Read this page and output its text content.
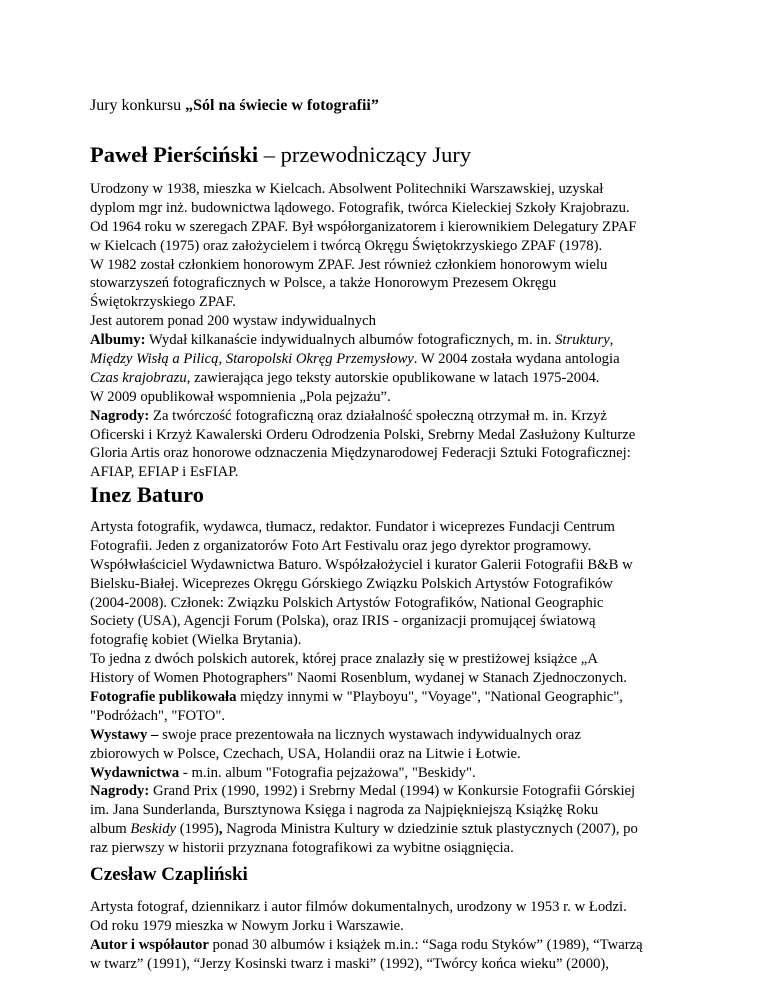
Jury konkursu „Sól na świecie w fotografii”
Paweł Pierściński – przewodniczący Jury
Urodzony w 1938, mieszka w Kielcach. Absolwent Politechniki Warszawskiej, uzyskał
dyplom mgr inż. budownictwa lądowego. Fotografik, twórca Kieleckiej Szkoły Krajobrazu.
Od 1964 roku w szeregach ZPAF. Był współorganizatorem i kierownikiem Delegatury ZPAF
w Kielcach (1975) oraz założycielem i twórcą Okręgu Świętokrzyskiego ZPAF (1978).
W 1982 został członkiem honorowym ZPAF. Jest również członkiem honorowym wielu
stowarzyszeń fotograficznych w Polsce, a także Honorowym Prezesem Okręgu
Świętokrzyskiego ZPAF.
Jest autorem ponad 200 wystaw indywidualnych
Albumy: Wydał kilkanaście indywidualnych albumów fotograficznych, m. in. Struktury,
Między Wisłą a Pilicą, Staropolski Okręg Przemysłowy. W 2004 została wydana antologia
Czas krajobrazu, zawierająca jego teksty autorskie opublikowane w latach 1975-2004.
W 2009 opublikował wspomnienia „Pola pejzażu”.
Nagrody: Za twórczość fotograficzną oraz działalność społeczną otrzymał m. in. Krzyż
Oficerski i Krzyż Kawalerski Orderu Odrodzenia Polski, Srebrny Medal Zasłużony Kulturze
Gloria Artis oraz honorowe odznaczenia Międzynarodowej Federacji Sztuki Fotograficznej:
AFIAP, EFIAP i EsFIAP.
Inez Baturo
Artysta fotografik, wydawca, tłumacz, redaktor. Fundator i wiceprezes Fundacji Centrum
Fotografii. Jeden z organizatorów Foto Art Festivalu oraz jego dyrektor programowy.
Współwłaściciel Wydawnictwa Baturo. Współzałożyciel i kurator Galerii Fotografii B&B w
Bielsku-Białej. Wiceprezes Okręgu Górskiego Związku Polskich Artystów Fotografików
(2004-2008). Członek: Związku Polskich Artystów Fotografików, National Geographic
Society (USA), Agencji Forum (Polska), oraz IRIS - organizacji promującej światową
fotografię kobiet (Wielka Brytania).
To jedna z dwóch polskich autorek, której prace znalazły się w prestiżowej książce „A
History of Women Photographers" Naomi Rosenblum, wydanej w Stanach Zjednoczonych.
Fotografie publikowała między innymi w "Playboyu", "Voyage", "National Geographic",
"Podróżach", "FOTO".
Wystawy – swoje prace prezentowała na licznych wystawach indywidualnych oraz
zbiorowych w Polsce, Czechach, USA, Holandii oraz na Litwie i Łotwie.
Wydawnictwa - m.in. album "Fotografia pejzażowa", "Beskidy".
Nagrody: Grand Prix (1990, 1992) i Srebrny Medal (1994) w Konkursie Fotografii Górskiej
im. Jana Sunderlanda, Bursztynowa Księga i nagroda za Najpiękniejszą Książkę Roku
album Beskidy (1995), Nagroda Ministra Kultury w dziedzinie sztuk plastycznych (2007), po
raz pierwszy w historii przyznana fotografikowi za wybitne osiągnięcia.
Czesław Czapliński
Artysta fotograf, dziennikarz i autor filmów dokumentalnych, urodzony w 1953 r. w Łodzi.
Od roku 1979 mieszka w Nowym Jorku i Warszawie.
Autor i współautor ponad 30 albumów i książek m.in.: “Saga rodu Styków” (1989), “Twarzą
w twarz” (1991), “Jerzy Kosinski twarz i maski” (1992), “Twórcy końca wieku” (2000),
